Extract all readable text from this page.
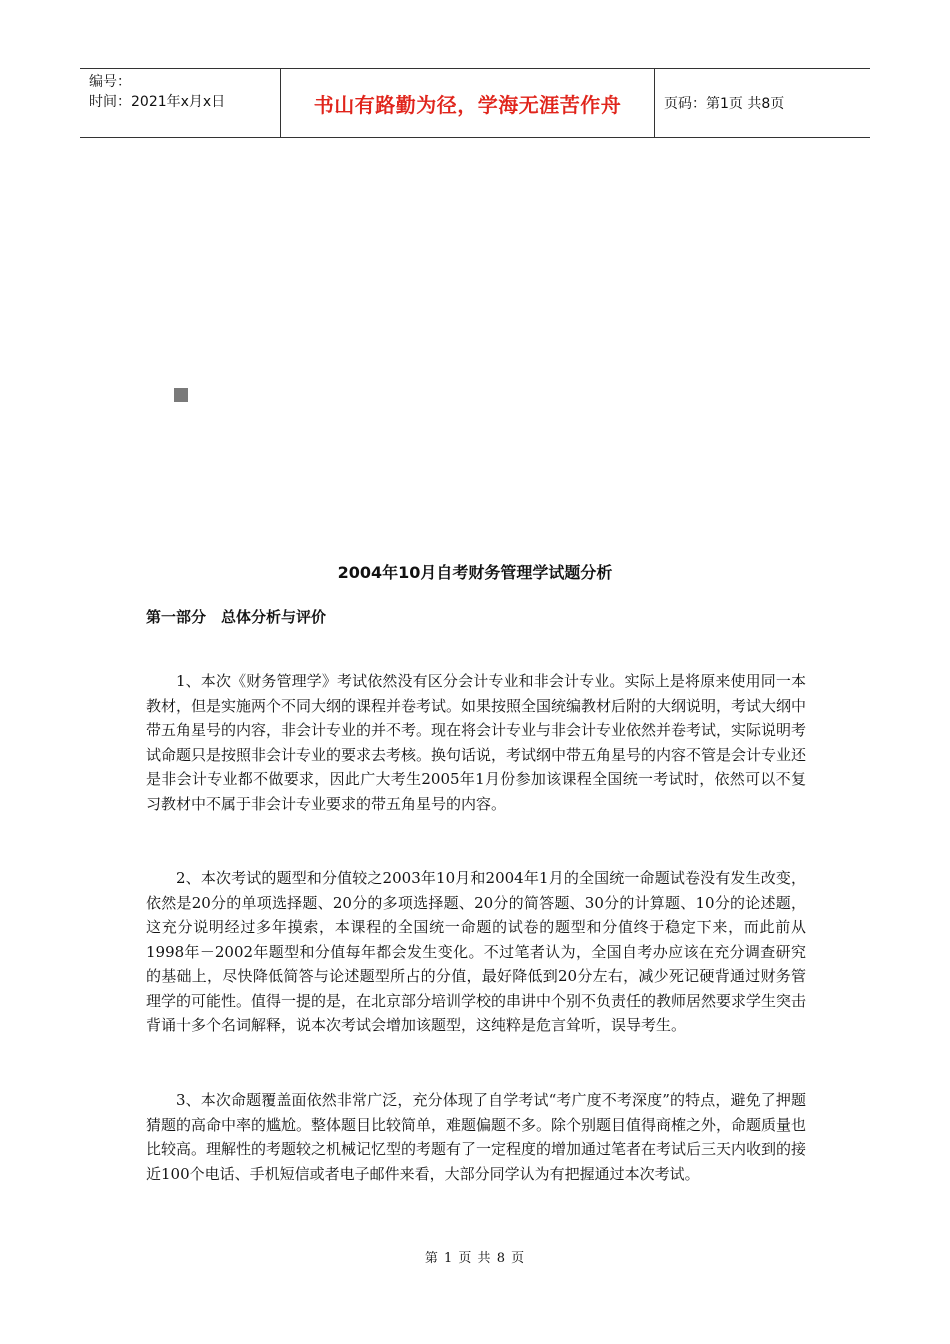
编号：
时间：2021年x月x日	书山有路勤为径，学海无涯苦作舟	页码：第1页 共8页
2004年10月自考财务管理学试题分析
第一部分　总体分析与评价

1、本次《财务管理学》考试依然没有区分会计专业和非会计专业。实际上是将原来使用同一本教材，但是实施两个不同大纲的课程并卷考试。如果按照全国统编教材后附的大纲说明，考试大纲中带五角星号的内容，非会计专业的并不考。现在将会计专业与非会计专业依然并卷考试，实际说明考试命题只是按照非会计专业的要求去考核。换句话说，考试纲中带五角星号的内容不管是会计专业还是非会计专业都不做要求，因此广大考生2005年1月份参加该课程全国统一考试时，依然可以不复习教材中不属于非会计专业要求的带五角星号的内容。

2、本次考试的题型和分值较之2003年10月和2004年1月的全国统一命题试卷没有发生改变，依然是20分的单项选择题、20分的多项选择题、20分的简答题、30分的计算题、10分的论述题，这充分说明经过多年摸索，本课程的全国统一命题的试卷的题型和分值终于稳定下来，而此前从1998年－2002年题型和分值每年都会发生变化。不过笔者认为，全国自考办应该在充分调查研究的基础上，尽快降低简答与论述题型所占的分值，最好降低到20分左右，减少死记硬背通过财务管理学的可能性。值得一提的是，在北京部分培训学校的串讲中个别不负责任的教师居然要求学生突击背诵十多个名词解释，说本次考试会增加该题型，这纯粹是危言耸听，误导考生。

3、本次命题覆盖面依然非常广泛，充分体现了自学考试“考广度不考深度”的特点，避免了押题猜题的高命中率的尴尬。整体题目比较简单，难题偏题不多。除个别题目值得商榷之外，命题质量也比较高。理解性的考题较之机械记忆型的考题有了一定程度的增加通过笔者在考试后三天内收到的接近100个电话、手机短信或者电子邮件来看，大部分同学认为有把握通过本次考试。

第 1 页 共 8 页
